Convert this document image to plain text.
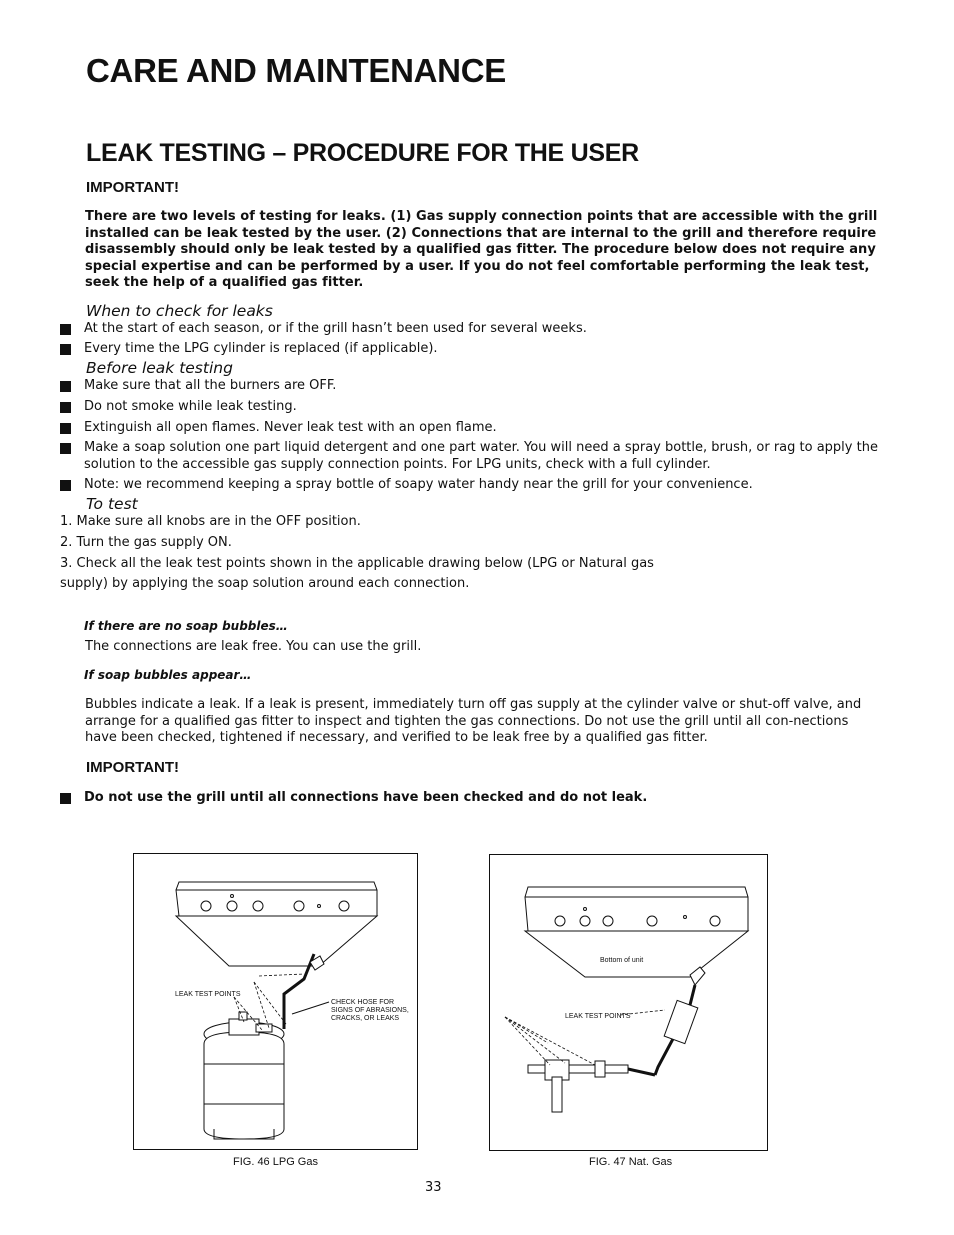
CARE AND MAINTENANCE
LEAK TESTING – PROCEDURE FOR THE USER
IMPORTANT!

There are two levels of testing for leaks. (1) Gas supply connection points that are accessible with the grill installed can be leak tested by the user. (2) Connections that are internal to the grill and therefore require disassembly should only be leak tested by a qualified gas fitter. The procedure below does not require any special expertise and can be performed by a user. If you do not feel comfortable performing the leak test, seek the help of a qualified gas fitter.

When to check for leaks
At the start of each season, or if the grill hasn’t been used for several weeks.
Every time the LPG cylinder is replaced (if applicable).
Before leak testing
Make sure that all the burners are OFF.
Do not smoke while leak testing.
Extinguish all open flames. Never leak test with an open flame.
Make a soap solution one part liquid detergent and one part water. You will need a spray bottle, brush, or rag to apply the solution to the accessible gas supply connection points. For LPG units, check with a full cylinder.
Note: we recommend keeping a spray bottle of soapy water handy near the grill for your convenience.
To test
1. Make sure all knobs are in the OFF position.
2. Turn the gas supply ON.
3. Check all the leak test points shown in the applicable drawing below (LPG or Natural gas
supply) by applying the soap solution around each connection.
If there are no soap bubbles…
The connections are leak free. You can use the grill.
If soap bubbles appear…

Bubbles indicate a leak. If a leak is present, immediately turn off gas supply at the cylinder valve or shut-off valve, and arrange for a qualified gas fitter to inspect and tighten the gas connections. Do not use the grill until all con-nections have been checked, tightened if necessary, and verified to be leak free by a qualified gas fitter.

IMPORTANT!
Do not use the grill until all connections have been checked and do not leak.
LEAK TEST POINTS
CHECK HOSE FOR
SIGNS OF ABRASIONS,
CRACKS, OR LEAKS
FIG. 46 LPG Gas
Bottom of unit
LEAK TEST POINTS
FIG. 47 Nat. Gas
33
